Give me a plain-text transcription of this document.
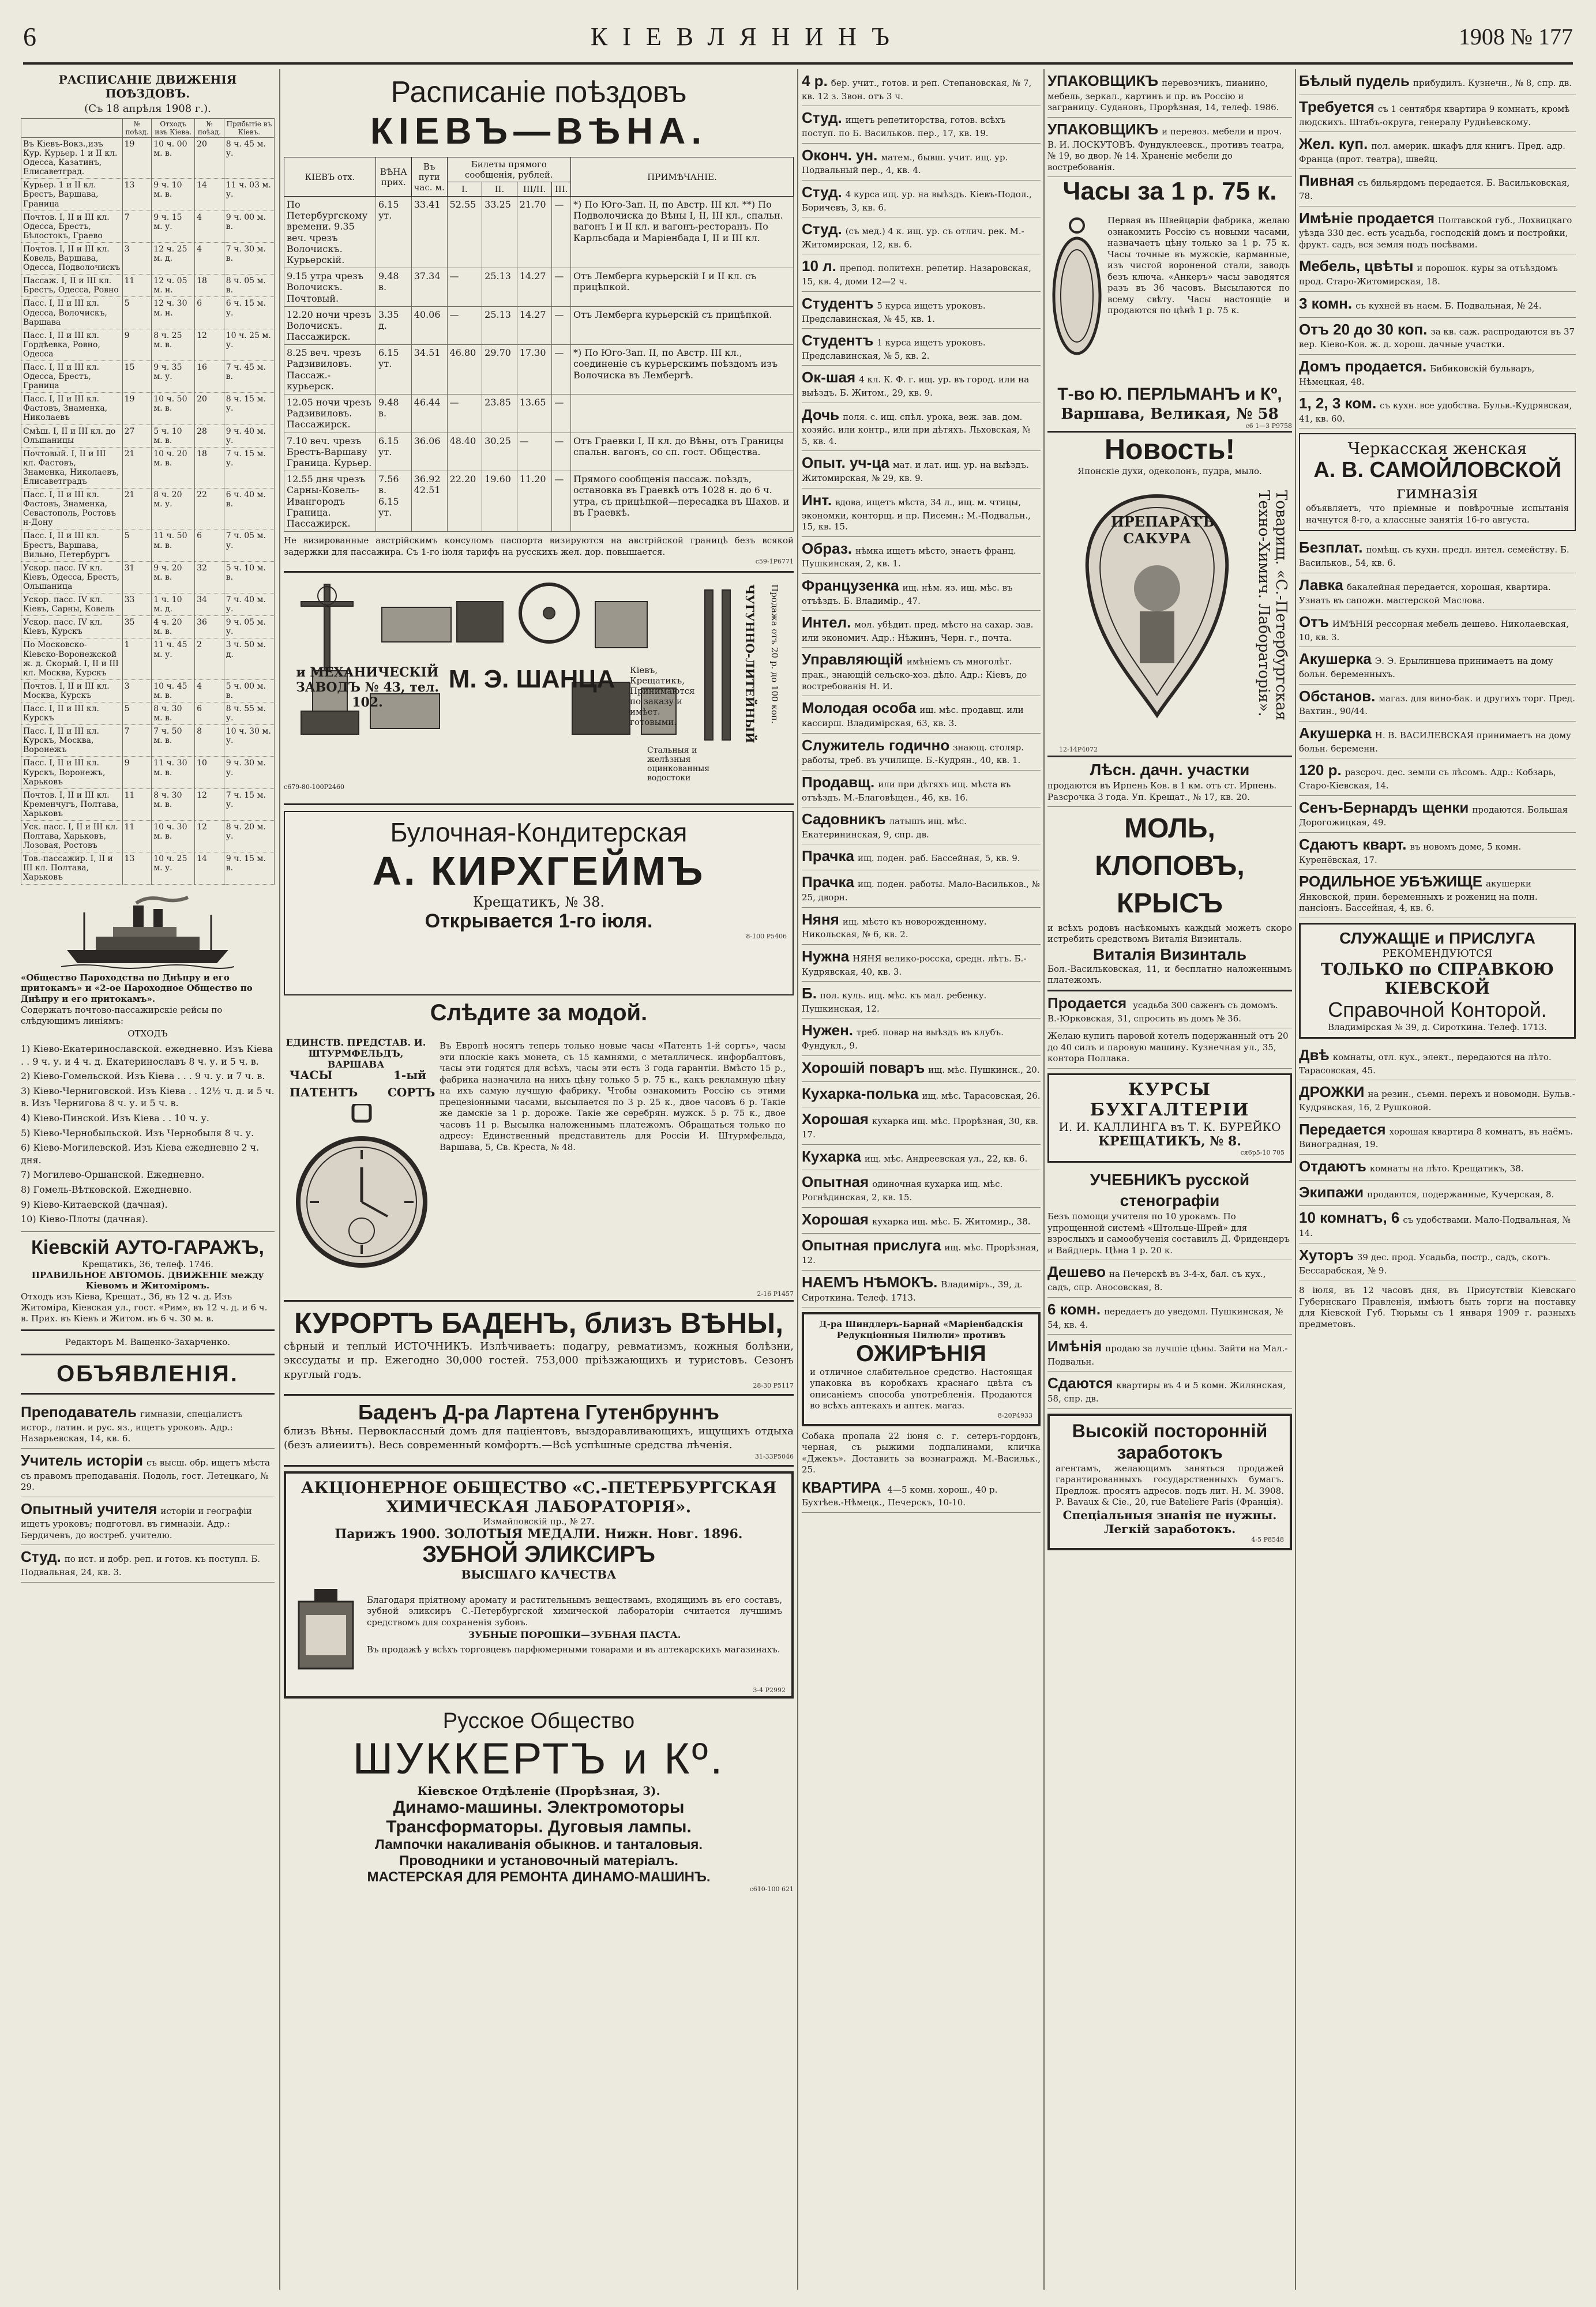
6	КІЕВЛЯНИНЪ	1908 № 177
РАСПИСАНІЕ ДВИЖЕНІЯ ПОѢЗДОВЪ.
(Съ 18 апрѣля 1908 г.).
	№ поѣзд.	Отходъ изъ Кіева.	№ поѣзд.	Прибытіе въ Кіевъ.
Въ Кіевъ-Вокз.,изъ Кур. Курьер. 1 и II кл. Одесса, Казатинъ, Елисаветград.	19	10 ч. 00 м. в.	20	8 ч. 45 м. у.
Курьер. 1 и II кл. Брестъ, Варшава, Граница	13	9 ч. 10 м. в.	14	11 ч. 03 м. у.
Почтов. I, II и III кл. Одесса, Брестъ, Бѣлостокъ, Граево	7	9 ч. 15 м. у.	4	9 ч. 00 м. в.
Почтов. I, II и III кл. Ковель, Варшава, Одесса, Подволочискъ	3	12 ч. 25 м. д.	4	7 ч. 30 м. в.
Пассаж. I, II и III кл. Брестъ, Одесса, Ровно	11	12 ч. 05 м. н.	18	8 ч. 05 м. в.
Пасс. I, II и III кл. Одесса, Волочискъ, Варшава	5	12 ч. 30 м. н.	6	6 ч. 15 м. у.
Пасс. I, II и III кл. Гордѣевка, Ровно, Одесса	9	8 ч. 25 м. в.	12	10 ч. 25 м. у.
Пасс. I, II и III кл. Одесса, Брестъ, Граница	15	9 ч. 35 м. у.	16	7 ч. 45 м. в.
Пасс. I, II и III кл. Фастовъ, Знаменка, Николаевъ	19	10 ч. 50 м. в.	20	8 ч. 15 м. у.
Смѣш. I, II и III кл. до Ольшаницы	27	5 ч. 10 м. в.	28	9 ч. 40 м. у.
Почтовый. I, II и III кл. Фастовъ, Знаменка, Николаевъ, Елисаветградъ	21	10 ч. 20 м. в.	18	7 ч. 15 м. у.
Пасс. I, II и III кл. Фастовъ, Знаменка, Севастополь, Ростовъ н-Дону	21	8 ч. 20 м. у.	22	6 ч. 40 м. в.
Пасс. I, II и III кл. Брестъ, Варшава, Вильно, Петербургъ	5	11 ч. 50 м. в.	6	7 ч. 05 м. у.
Ускор. пасс. IV кл. Кіевъ, Одесса, Брестъ, Ольшаница	31	9 ч. 20 м. в.	32	5 ч. 10 м. в.
Ускор. пасс. IV кл. Кіевъ, Сарны, Ковель	33	1 ч. 10 м. д.	34	7 ч. 40 м. у.
Ускор. пасс. IV кл. Кіевъ, Курскъ	35	4 ч. 20 м. в.	36	9 ч. 05 м. у.
По Московско-Кіевско-Воронежской ж. д. Скорый. I, II и III кл. Москва, Курскъ	1	11 ч. 45 м. у.	2	3 ч. 50 м. д.
Почтов. I, II и III кл. Москва, Курскъ	3	10 ч. 45 м. в.	4	5 ч. 00 м. в.
Пасс. I, II и III кл. Курскъ	5	8 ч. 30 м. в.	6	8 ч. 55 м. у.
Пасс. I, II и III кл. Курскъ, Москва, Воронежъ	7	7 ч. 50 м. в.	8	10 ч. 30 м. у.
Пасс. I, II и III кл. Курскъ, Воронежъ, Харьковъ	9	11 ч. 30 м. в.	10	9 ч. 30 м. у.
Почтов. I, II и III кл. Кременчугъ, Полтава, Харьковъ	11	8 ч. 30 м. в.	12	7 ч. 15 м. у.
Уск. пасс. I, II и III кл. Полтава, Харьковъ, Лозовая, Ростовъ	11	10 ч. 30 м. в.	12	8 ч. 20 м. у.
Тов.-пассажир. I, II и III кл. Полтава, Харьковъ	13	10 ч. 25 м. у.	14	9 ч. 15 м. в.
«Общество Пароходства по Днѣпру и его притокамъ» и «2-ое Пароходное Общество по Днѣпру и его притокамъ».
Содержатъ почтово-пассажирскіе рейсы по слѣдующимъ линіямъ:
ОТХОДЪ
1) Кіево-Екатеринославской. ежедневно. Изъ Кіева . . 9 ч. у. и 4 ч. д. Екатеринославъ 8 ч. у. и 5 ч. в.
2) Кіево-Гомельской. Изъ Кіева . . . 9 ч. у. и 7 ч. в.
3) Кіево-Черниговской. Изъ Кіева . . 12½ ч. д. и 5 ч. в. Изъ Чернигова 8 ч. у. и 5 ч. в.
4) Кіево-Пинской. Изъ Кіева . . 10 ч. у.
5) Кіево-Чернобыльской. Изъ Чернобыля 8 ч. у.
6) Кіево-Могилевской. Изъ Кіева ежедневно 2 ч. дня.
7) Могилево-Оршанской. Ежедневно.
8) Гомель-Вѣтковской. Ежедневно.
9) Кіево-Китаевской (дачная).
10) Кіево-Плоты (дачная).
Кіевскій АУТО-ГАРАЖЪ,
Крещатикъ, 36, телеф. 1746.
ПРАВИЛЬНОЕ АВТОМОБ. ДВИЖЕНІЕ между Кіевомъ и Житоміромъ.
Отходъ изъ Кіева, Крещат., 36, въ 12 ч. д. Изъ Житоміра, Кіевская ул., гост. «Рим», въ 12 ч. д. и 6 ч. в. Прих. въ Кіевъ и Житом. въ 6 ч. 30 м. в.
Редакторъ М. Ващенко-Захарченко.
ОБЪЯВЛЕНІЯ.
Преподаватель гимназіи, спеціалистъ истор., латин. и рус. яз., ищетъ уроковъ. Адр.: Назарьевская, 14, кв. 6.
Учитель исторіи съ высш. обр. ищетъ мѣста съ правомъ преподаванія. Подоль, гост. Летецкаго, № 29.
Опытный учителя исторіи и географіи ищетъ уроковъ; подготовл. въ гимназіи. Адр.: Бердичевъ, до востреб. учителю.
Студ. по ист. и добр. реп. и готов. къ поступл. Б. Подвальная, 24, кв. 3.
Расписаніе поѣздовъ
КІЕВЪ—ВѢНА.
КІЕВЪ отх.	ВѢНА прих.	Въ пути час. м.	Билеты прямого сообщенія, рублей.				ПРИМѢЧАНІЕ.
			I.	II.	III/II.	III.	
По Петербургскому времени. 9.35 веч. чрезъ Волочискъ. Курьерскій.	6.15 ут.	33.41	52.55	33.25	21.70	—	*) По Юго-Зап. II, по Австр. III кл. **) По Подволочиска до Вѣны I, II, III кл., спальн. вагонъ I и II кл. и вагонъ-ресторанъ. По Карльсбада и Маріенбада I, II и III кл.
9.15 утра чрезъ Волочискъ. Почтовый.	9.48 в.	37.34	—	25.13	14.27	—	Отъ Лемберга курьерскій I и II кл. съ прицѣпкой.
12.20 ночи чрезъ Волочискъ. Пассажирск.	3.35 д.	40.06	—	25.13	14.27	—	Отъ Лемберга курьерскій съ прицѣпкой.
8.25 веч. чрезъ Радзивиловъ. Пассаж.-курьерск.	6.15 ут.	34.51	46.80	29.70	17.30	—	*) По Юго-Зап. II, по Австр. III кл., соединеніе съ курьерскимъ поѣздомъ изъ Волочиска въ Лембергѣ.
12.05 ночи чрезъ Радзивиловъ. Пассажирск.	9.48 в.	46.44	—	23.85	13.65	—	
7.10 веч. чрезъ Брестъ-Варшаву Граница. Курьер.	6.15 ут.	36.06	48.40	30.25	—	—	Отъ Граевки I, II кл. до Вѣны, отъ Границы спальн. вагонъ, со сп. гост. Общества.
12.55 дня чрезъ Сарны-Ковель-Ивангородъ Граница. Пассажирск.	7.56 в. 6.15 ут.	36.92 42.51	22.20	19.60	11.20	—	Прямого сообщенія пассаж. поѣздъ, остановка въ Граевкѣ отъ 1028 н. до 6 ч. утра, съ прицѣпкой—пересадка въ Шахов. и въ Граевкѣ.
Не визированные австрійскимъ консуломъ паспорта визируются на австрійской границѣ безъ всякой задержки для пассажира. Съ 1-го іюля тарифъ на русскихъ жел. дор. повышается.
с59-1Р6771
и МЕХАНИЧЕСКІЙ ЗАВОДЪ № 43, тел. 102.
М. Э. ШАНЦА	Кіевъ, Крещатикъ, Принимаются по заказу и имѣет. готовыми.	ЧУГУННО-ЛИТЕЙНЫЙ	Продажа отъ 20 р. до 100 коп.
Стальныя и желѣзныя оцинкованныя водостоки
с679-80-100Р2460
Булочная-Кондитерская
А. КИРХГЕЙМЪ
Крещатикъ, № 38.
Открывается 1-го іюля.
8-100 Р5406
Слѣдите за модой.
ЕДИНСТВ. ПРЕДСТАВ. И. ШТУРМФЕЛЬДЪ, ВАРШАВА
ЧАСЫ	1-ый
ПАТЕНТЪ	СОРТЪ
Въ Европѣ носятъ теперь только новые часы «Патентъ 1-й сортъ», часы эти плоскіе какъ монета, съ 15 камнями, с металлическ. инфорбалтовъ, часы эти годятся для всѣхъ, часы эти есть 3 года гарантіи. Вмѣсто 15 р., фабрика назначила на нихъ цѣну только 5 р. 75 к., какъ рекламную цѣну на ихъ самую лучшую фабрику. Чтобы ознакомить Россію съ этими прецезіонными часами, высылается по 3 р. 25 к., двое часовъ 6 р. Такіе же дамскіе за 1 р. дороже. Такіе же серебрян. мужск. 5 р. 75 к., двое часовъ 11 р. Высылка наложеннымъ платежомъ. Обращаться только по адресу: Единственный представитель для Россіи И. Штурмфельда, Варшава, 5, Св. Креста, № 48.
2-16 Р1457
КУРОРТЪ БАДЕНЪ, близъ ВѢНЫ,
сѣрный и теплый ИСТОЧНИКЪ. Излѣчиваетъ: подагру, ревматизмъ, кожныя болѣзни, экссудаты и пр. Ежегодно 30,000 гостей. 753,000 пріѣзжающихъ и туристовъ. Сезонъ круглый годъ.
28-30 Р5117
Баденъ Д-ра Лартенa Гутенбруннъ
близъ Вѣны. Первоклассный домъ для пацiентовъ, выздоравливающихъ, ищущихъ отдыха (безъ алиеиитъ). Весь современный комфортъ.—Всѣ успѣшные средства лѣченія.
31-33Р5046
АКЦІОНЕРНОЕ ОБЩЕСТВО «С.-ПЕТЕРБУРГСКАЯ ХИМИЧЕСКАЯ ЛАБОРАТОРІЯ».
Измайловскій пр., № 27.
Парижъ 1900. ЗОЛОТЫЯ МЕДАЛИ. Нижн. Новг. 1896.
ЗУБНОЙ ЭЛИКСИРЪ
ВЫСШАГО КАЧЕСТВА
Благодаря пріятному аромату и растительнымъ веществамъ, входящимъ въ его составъ, зубной эликсиръ С.-Петербургской химической лабораторіи считается лучшимъ средствомъ для сохраненія зубовъ.
ЗУБНЫЕ ПОРОШКИ—ЗУБНАЯ ПАСТА.
Въ продажѣ у всѣхъ торговцевъ парфюмерными товарами и въ аптекарскихъ магазинахъ.
3-4 Р2992
Русское Общество
ШУККЕРТЪ и Кº.
Кіевское Отдѣленіе (Прорѣзная, 3).
Динамо-машины. Электромоторы
Трансформаторы. Дуговыя лампы.
Лампочки накаливанія обыкнов. и танталовыя.
Проводники и установочный матеріалъ.
МАСТЕРСКАЯ ДЛЯ РЕМОНТА ДИНАМО-МАШИНЪ.
с610-100 621
4 р. бер. учит., готов. и реп. Степановская, № 7, кв. 12 з. Звон. отъ 3 ч.
Студ. ищетъ репетиторства, готов. всѣхъ поступ. по Б. Васильков. пер., 17, кв. 19.
Оконч. ун. матем., бывш. учит. ищ. ур. Подвальный пер., 4, кв. 4.
Студ. 4 курса ищ. ур. на выѣздъ. Кіевъ-Подол., Боричевъ, 3, кв. 6.
Студ. (съ мед.) 4 к. ищ. ур. съ отлич. рек. М.-Житомирская, 12, кв. 6.
10 л. препод. политехн. репетир. Назаровская, 15, кв. 4, доми 12—2 ч.
Студентъ 5 курса ищетъ уроковъ. Предславинская, № 45, кв. 1.
Студентъ 1 курса ищетъ уроковъ. Предславинская, № 5, кв. 2.
Ок-шая 4 кл. К. Ф. г. ищ. ур. въ город. или на выѣздъ. Б. Житом., 29, кв. 9.
Дочь поля. с. ищ. спѣл. урока, веж. зав. дом. хозяйс. или контр., или при дѣтяхъ. Льховская, № 5, кв. 4.
Опыт. уч-ца мат. и лат. ищ. ур. на выѣздъ. Житомирская, № 29, кв. 9.
Инт. вдова, ищетъ мѣста, 34 л., ищ. м. чтицы, экономки, конторщ. и пр. Писемн.: М.-Подвальн., 15, кв. 15.
Образ. нѣмка ищетъ мѣсто, знаетъ франц. Пушкинская, 2, кв. 1.
Французенка ищ. нѣм. яз. ищ. мѣс. въ отъѣздъ. Б. Владимір., 47.
Интел. мол. убѣдит. пред. мѣсто на сахар. зав. или экономич. Адр.: Нѣжинъ, Черн. г., почта.
Управляющій имѣніемъ съ многолѣт. прак., знающій сельско-хоз. дѣло. Адр.: Кіевъ, до востребованія Н. И.
Молодая особа ищ. мѣс. продавщ. или кассирш. Владимірская, 63, кв. 3.
Служитель годично знающ. столяр. работы, треб. въ училище. Б.-Кудрян., 40, кв. 1.
Продавщ. или при дѣтяхъ ищ. мѣста въ отъѣздъ. М.-Благовѣщен., 46, кв. 16.
Садовникъ латышъ ищ. мѣс. Екатерининская, 9, спр. дв.
Прачка ищ. поден. раб. Бассейная, 5, кв. 9.
Прачка ищ. поден. работы. Мало-Васильков., № 25, дворн.
Няня ищ. мѣсто къ новорожденному. Никольская, № 6, кв. 2.
Нужна НЯНЯ велико-росска, средн. лѣтъ. Б.-Кудрявская, 40, кв. 3.
Б. пол. куль. ищ. мѣс. къ мал. ребенку. Пушкинская, 12.
Нужен. треб. повар на выѣздъ въ клубъ. Фундукл., 9.
Хорошій поваръ ищ. мѣс. Пушкинск., 20.
Кухарка-полька ищ. мѣс. Тарасовская, 26.
Хорошая кухарка ищ. мѣс. Прорѣзная, 30, кв. 17.
Кухарка ищ. мѣс. Андреевская ул., 22, кв. 6.
Опытная одиночная кухарка ищ. мѣс. Рогнѣдинская, 2, кв. 15.
Хорошая кухарка ищ. мѣс. Б. Житомир., 38.
Опытная прислуга ищ. мѣс. Прорѣзная, 12.
НАЕМЪ НѢМОКЪ. Владиміръ., 39, д. Сироткина. Телеф. 1713.
Д-ра Шиндлеръ-Барнай «Маріенбадскія Редукціонныя Пилюли» противъ
ОЖИРѢНІЯ
и отличное слабительное средство. Настоящая упаковка въ коробкахъ краснаго цвѣта съ описаніемъ способа употребленія. Продаются во всѣхъ аптекахъ и аптек. магаз.
8-20Р4933
Собака пропала 22 іюня с. г. сетеръ-гордонъ, черная, съ рыжими подпалинами, кличка «Джекъ». Доставить за вознагражд. М.-Васильк., 25.
КВАРТИРА 4—5 комн. хорош., 40 р. Бухтѣев.-Нѣмецк., Печерскъ, 10-10.
УПАКОВЩИКЪ перевозчикъ, пианино, мебель, зеркал., картинъ и пр. въ Россію и заграницу. Судановъ, Прорѣзная, 14, телеф. 1986.
УПАКОВЩИКЪ и перевоз. мебели и проч. В. И. ЛОСКУТОВЪ. Фундуклеевск., противъ театра, № 19, во двор. № 14. Храненіе мебели до востребованія.
Часы за 1 р. 75 к.
Первая въ Швейцаріи фабрика, желаю ознакомить Россію съ новыми часами, назначаетъ цѣну только за 1 р. 75 к. Часы точные въ мужскіе, карманные, изъ чистой вороненой стали, заводъ безъ ключа. «Анкеръ» часы заводятся разъ въ 36 часовъ. Высылаются по всему свѣту. Часы настоящіе и продаются по цѣнѣ 1 р. 75 к.
Т-во Ю. ПЕРЛЬМАНЪ и Кº,
Варшава, Великая, № 58
с6 1—3 Р9758
Новость!
Японскіе духи, одеколонъ, пудра, мыло.
ПРЕПАРАТЪ САКУРА	Товарищ. «С.-Петербургская Техно-Химич. Лабораторія».
12-14Р4072
Лѣсн. дачн. участки
продаются въ Ирпень Ков. в 1 км. отъ ст. Ирпень. Разсрочка 3 года. Уп. Крещат., № 17, кв. 20.
МОЛЬ, КЛОПОВЪ, КРЫСЪ
и всѣхъ родовъ насѣкомыхъ каждый можетъ скоро истребить средствомъ Виталія Визинталь.
Виталія Визинталь
Бол.-Васильковская, 11, и бесплатно наложеннымъ платежомъ.
Продается усадьба 300 саженъ съ домомъ. В.-Юрковская, 31, спросить въ домъ № 36.
Желаю купить паровой котелъ подержанный отъ 20 до 40 силъ и паровую машину. Кузнечная ул., 35, контора Поллака.
КУРСЫ БУХГАЛТЕРІИ
И. И. КАЛЛИНГА въ Т. К. БУРЕЙКО
КРЕЩАТИКЪ, № 8.
ся6р5-10 705
УЧЕБНИКЪ русской стенографіи
Безъ помощи учителя по 10 урокамъ. По упрощенной системѣ «Штольце-Шрей» для взрослыхъ и самообученія составилъ Д. Фридендеръ и Вайдлерь. Цѣна 1 р. 20 к.
Дешево на Печерскѣ въ 3-4-х, бал. съ кух., садъ, спр. Аносовская, 8.
6 комн. передаетъ до уведомл. Пушкинская, № 54, кв. 4.
Имѣнія продаю за лучшіе цѣны. Зайти на Мал.-Подвальн.
Сдаются квартиры въ 4 и 5 комн. Жилянская, 58, спр. дв.
Высокій посторонній заработокъ
агентамъ, желающимъ заняться продажей гарантированныхъ государственныхъ бумагъ. Предлож. просятъ адресов. подъ лит. Н. М. 3908. Р. Bavaux & Cie., 20, rue Bateliere Paris (Франція).
Спеціальныя знанія не нужны. Легкій заработокъ.
4-5 Р8548
Бѣлый пудель прибудилъ. Кузнечн., № 8, спр. дв.
Требуется съ 1 сентября квартира 9 комнатъ, кромѣ людскихъ. Штабъ-округа, генералу Руднѣевскому.
Жел. куп. пол. америк. шкафъ для книгъ. Пред. адр. Франца (прот. театра), швейц.
Пивная съ бильярдомъ передается. Б. Васильковская, 78.
Имѣніе продается Полтавской губ., Лохвицкаго уѣзда 330 дес. есть усадьба, господскій домъ и постройки, фрукт. садъ, вся земля подъ посѣвами.
Мебель, цвѣты и порошок. куры за отъѣздомъ прод. Старо-Житомирская, 18.
3 комн. съ кухней въ наем. Б. Подвальная, № 24.
Отъ 20 до 30 коп. за кв. саж. распродаются въ 37 вер. Кіево-Ков. ж. д. хорош. дачные участки.
Домъ продается. Бибиковскій бульваръ, Нѣмецкая, 48.
1, 2, 3 ком. съ кухн. все удобства. Бульв.-Кудрявская, 41, кв. 60.
Черкасская женская
А. В. САМОЙЛОВСКОЙ
гимназія
объявляетъ, что пріемные и повѣрочные испытанія начнутся 8-го, а классные занятія 16-го августа.
Безплат. помѣщ. съ кухн. предл. интел. семейству. Б. Васильков., 54, кв. 6.
Лавка бакалейная передается, хорошая, квартира. Узнать въ сапожн. мастерской Маслова.
Отъ ИМѢНІЯ рессорная мебель дешево. Николаевская, 10, кв. 3.
Акушерка Э. Э. Ерылинцева принимаетъ на дому больн. беременныхъ.
Обстанов. магаз. для вино-бак. и другихъ торг. Пред. Вахтин., 90/44.
Акушерка Н. В. ВАСИЛЕВСКАЯ принимаетъ на дому больн. беременн.
120 р. разсроч. дес. земли съ лѣсомъ. Адр.: Кобзарь, Старо-Кіевская, 14.
Сенъ-Бернардъ щенки продаются. Большая Дорогожицкая, 49.
Сдаютъ кварт. въ новомъ доме, 5 комн. Куренёвская, 17.
РОДИЛЬНОЕ УБѢЖИЩЕ акушерки Янковской, прин. беременныхъ и рожениц на полн. пансіонъ. Бассейная, 4, кв. 6.
СЛУЖАЩІЕ и ПРИСЛУГА
РЕКОМЕНДУЮТСЯ
ТОЛЬКО по СПРАВКОЮ КІЕВСКОЙ
Справочной Конторой.
Владимірская № 39, д. Сироткина. Телеф. 1713.
Двѣ комнаты, отл. кух., элект., передаются на лѣто. Тарасовская, 45.
ДРОЖКИ на резин., съемн. перехъ и новомодн. Бульв.-Кудрявская, 16, 2 Рушковой.
Передается хорошая квартира 8 комнатъ, въ наёмъ. Виноградная, 19.
Отдаютъ комнаты на лѣто. Крещатикъ, 38.
Экипажи продаются, подержанные, Кучерская, 8.
10 комнатъ, 6 съ удобствами. Мало-Подвальная, № 14.
Хуторъ 39 дес. прод. Усадьба, постр., садъ, скотъ. Бессарабская, № 9.
8 іюля, въ 12 часовъ дня, въ Присутствіи Кіевскаго Губернскаго Правленія, имѣютъ быть торги на поставку для Кіевской Губ. Тюрьмы съ 1 января 1909 г. разныхъ предметовъ.
